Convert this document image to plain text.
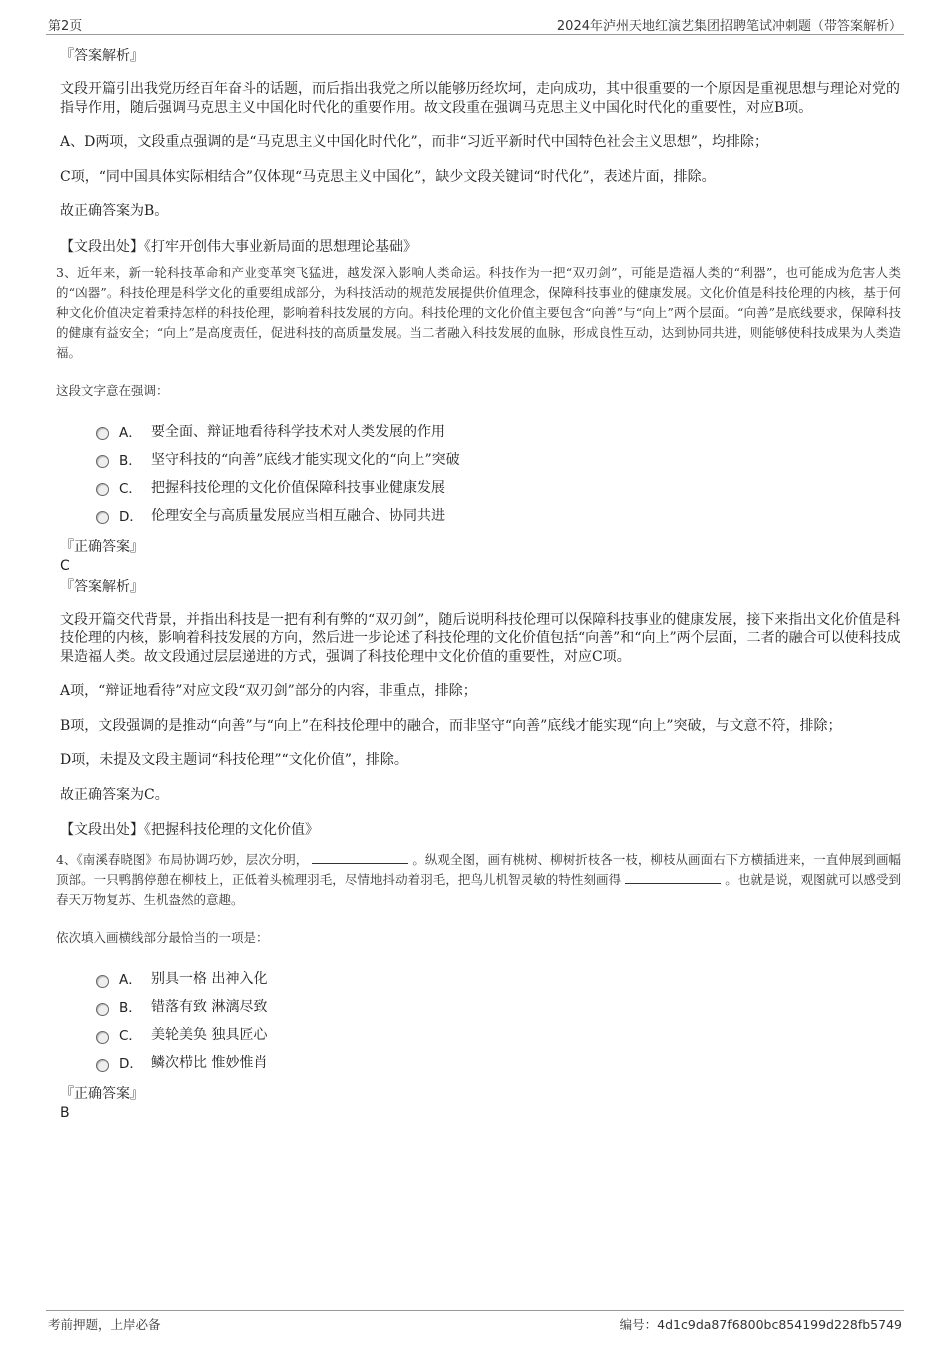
第2页	2024年泸州天地红演艺集团招聘笔试冲刺题（带答案解析）
『答案解析』
文段开篇引出我党历经百年奋斗的话题，而后指出我党之所以能够历经坎坷，走向成功，其中很重要的一个原因是重视思想与理论对党的指导作用，随后强调马克思主义中国化时代化的重要作用。故文段重在强调马克思主义中国化时代化的重要性，对应B项。
A、D两项，文段重点强调的是“马克思主义中国化时代化”，而非“习近平新时代中国特色社会主义思想”，均排除；
C项，“同中国具体实际相结合”仅体现“马克思主义中国化”，缺少文段关键词“时代化”，表述片面，排除。
故正确答案为B。
【文段出处】《打牢开创伟大事业新局面的思想理论基础》
3、近年来，新一轮科技革命和产业变革突飞猛进，越发深入影响人类命运。科技作为一把“双刃剑”，可能是造福人类的“利器”，也可能成为危害人类的“凶器”。科技伦理是科学文化的重要组成部分，为科技活动的规范发展提供价值理念，保障科技事业的健康发展。文化价值是科技伦理的内核，基于何种文化价值决定着秉持怎样的科技伦理，影响着科技发展的方向。科技伦理的文化价值主要包含“向善”与“向上”两个层面。“向善”是底线要求，保障科技的健康有益安全；“向上”是高度责任，促进科技的高质量发展。当二者融入科技发展的血脉，形成良性互动，达到协同共进，则能够使科技成果为人类造福。
这段文字意在强调：
A． 要全面、辩证地看待科学技术对人类发展的作用
B． 坚守科技的“向善”底线才能实现文化的“向上”突破
C． 把握科技伦理的文化价值保障科技事业健康发展
D． 伦理安全与高质量发展应当相互融合、协同共进
『正确答案』
C
『答案解析』
文段开篇交代背景，并指出科技是一把有利有弊的“双刃剑”，随后说明科技伦理可以保障科技事业的健康发展，接下来指出文化价值是科技伦理的内核，影响着科技发展的方向，然后进一步论述了科技伦理的文化价值包括“向善”和“向上”两个层面，二者的融合可以使科技成果造福人类。故文段通过层层递进的方式，强调了科技伦理中文化价值的重要性，对应C项。
A项，“辩证地看待”对应文段“双刃剑”部分的内容，非重点，排除；
B项，文段强调的是推动“向善”与“向上”在科技伦理中的融合，而非坚守“向善”底线才能实现“向上”突破，与文意不符，排除；
D项，未提及文段主题词“科技伦理”“文化价值”，排除。
故正确答案为C。
【文段出处】《把握科技伦理的文化价值》
4、《南溪春晓图》布局协调巧妙，层次分明，	。纵观全图，画有桃树、柳树折枝各一枝，柳枝从画面右下方横插进来，一直伸展到画幅顶部。一只鸭鹊停憩在柳枝上，正低着头梳理羽毛，尽情地抖动着羽毛，把鸟儿机智灵敏的特性刻画得	。也就是说，观图就可以感受到春天万物复苏、生机盎然的意趣。
依次填入画横线部分最恰当的一项是：
A． 别具一格 出神入化
B． 错落有致 淋漓尽致
C． 美轮美奂 独具匠心
D． 鳞次栉比 惟妙惟肖
『正确答案』
B
考前押题，上岸必备	编号：4d1c9da87f6800bc854199d228fb5749
